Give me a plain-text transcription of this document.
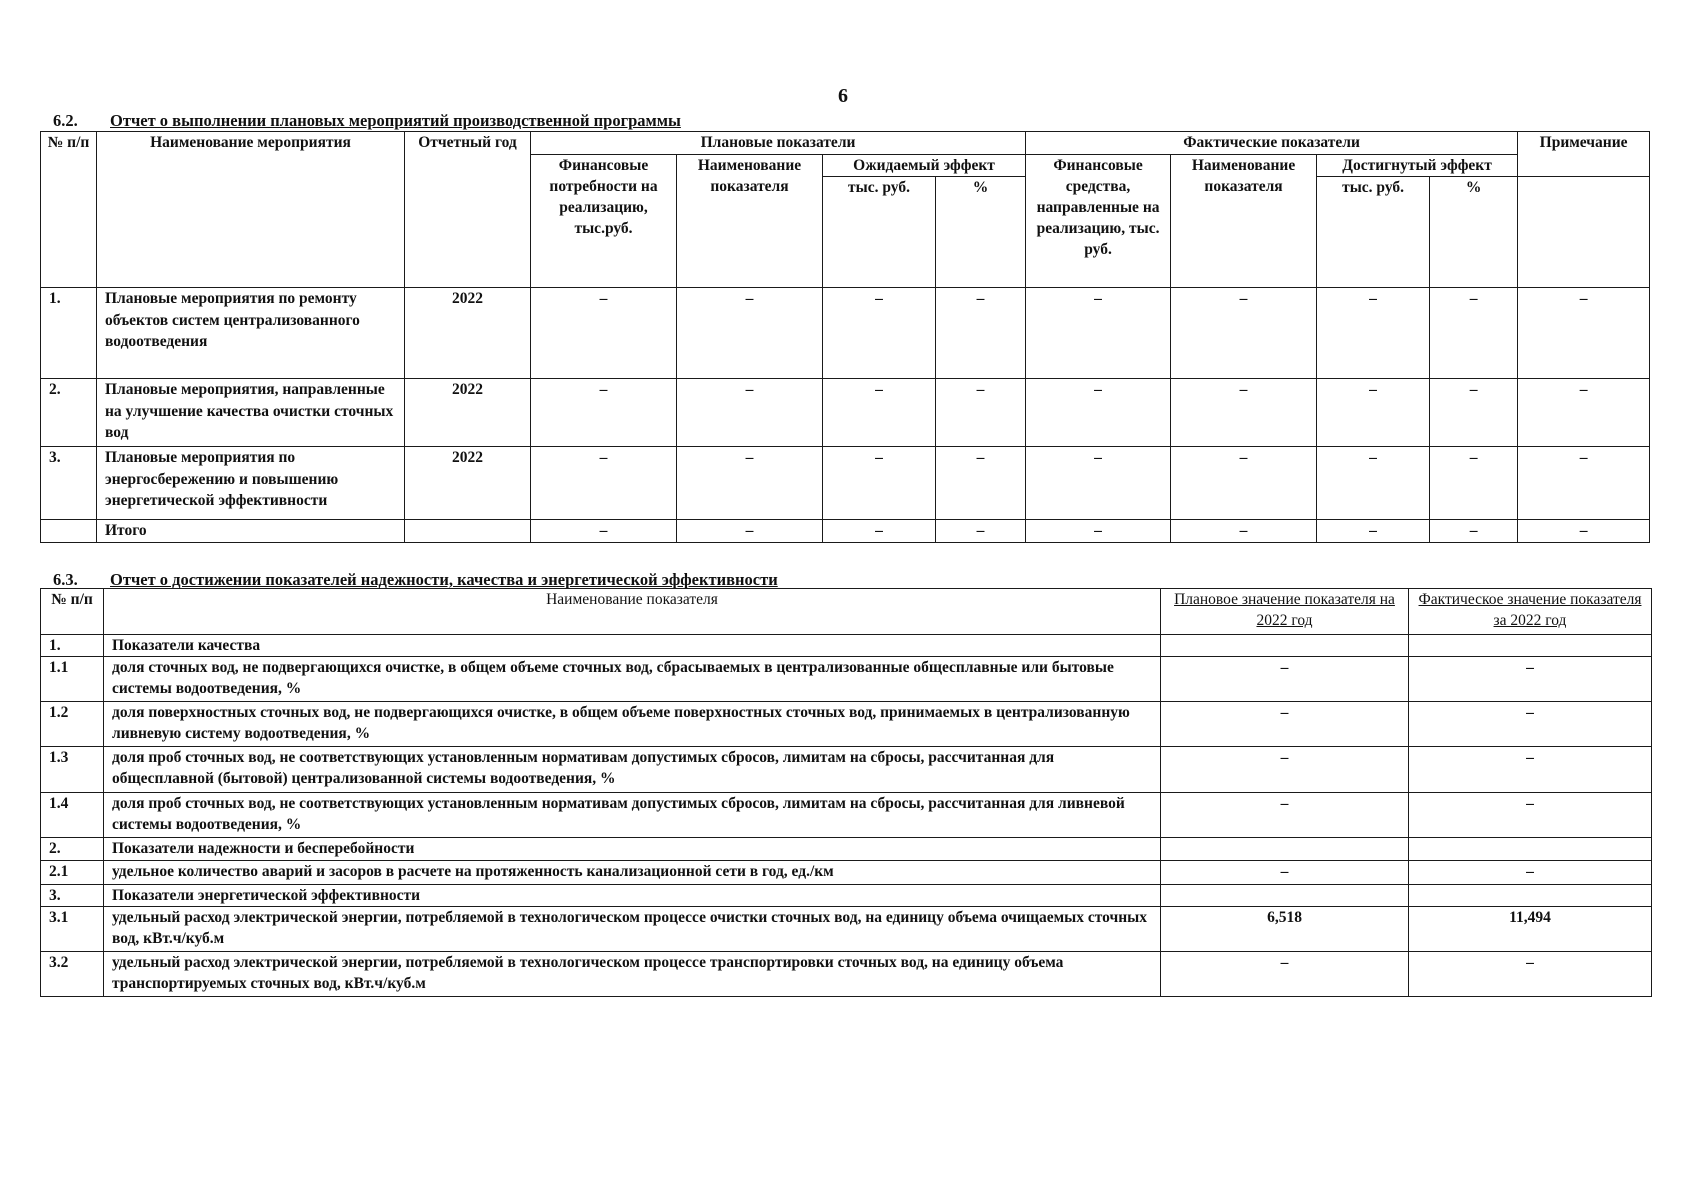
6
6.2. Отчет о выполнении плановых мероприятий производственной программы
№ п/п	Наименование мероприятия	Отчетный год	Плановые показатели				Фактические показатели				Примечание
			Финансовые потребности на реализацию, тыс.руб.	Наименование показателя	Ожидаемый эффект		Финансовые средства, направленные на реализацию, тыс. руб.	Наименование показателя	Достигнутый эффект		
					тыс. руб.	%			тыс. руб.	%	
1.	Плановые мероприятия по ремонту объектов систем централизованного водоотведения	2022	–	–	–	–	–	–	–	–	–
2.	Плановые мероприятия, направленные на улучшение качества очистки сточных вод	2022	–	–	–	–	–	–	–	–	–
3.	Плановые мероприятия по энергосбережению и повышению энергетической эффективности	2022	–	–	–	–	–	–	–	–	–
	Итого		–	–	–	–	–	–	–	–	–
6.3. Отчет о достижении показателей надежности, качества и энергетической эффективности
№ п/п	Наименование показателя	Плановое значение показателя на 2022 год	Фактическое значение показателя за 2022 год
1.	Показатели качества		
1.1	доля сточных вод, не подвергающихся очистке, в общем объеме сточных вод, сбрасываемых в централизованные общесплавные или бытовые системы водоотведения, %	–	–
1.2	доля поверхностных сточных вод, не подвергающихся очистке, в общем объеме поверхностных сточных вод, принимаемых в централизованную ливневую систему водоотведения, %	–	–
1.3	доля проб сточных вод, не соответствующих установленным нормативам допустимых сбросов, лимитам на сбросы, рассчитанная для общесплавной (бытовой) централизованной системы водоотведения, %	–	–
1.4	доля проб сточных вод, не соответствующих установленным нормативам допустимых сбросов, лимитам на сбросы, рассчитанная для ливневой системы водоотведения, %	–	–
2.	Показатели надежности и бесперебойности		
2.1	удельное количество аварий и засоров в расчете на протяженность канализационной сети в год, ед./км	–	–
3.	Показатели энергетической эффективности		
3.1	удельный расход электрической энергии, потребляемой в технологическом процессе очистки сточных вод, на единицу объема очищаемых сточных вод, кВт.ч/куб.м	6,518	11,494
3.2	удельный расход электрической энергии, потребляемой в технологическом процессе транспортировки сточных вод, на единицу объема транспортируемых сточных вод, кВт.ч/куб.м	–	–
